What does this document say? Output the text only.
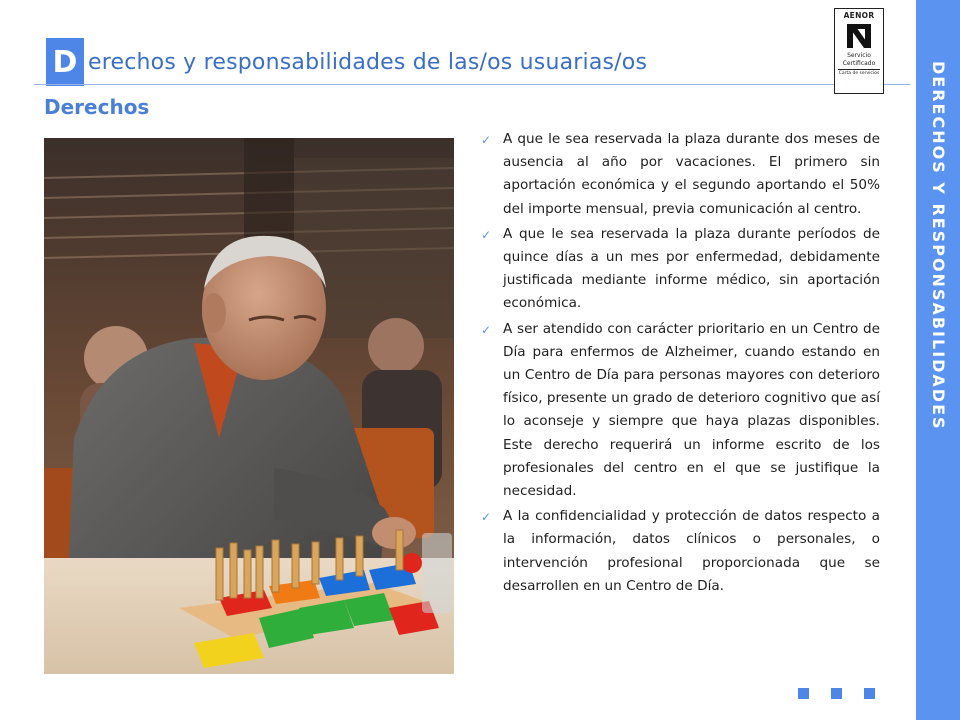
D erechos y responsabilidades de las/os usuarias/os
Derechos
AENOR
Servicio
Certificado
Carta de servicios	DERECHOS Y RESPONSABILIDADES
✓ A que le sea reservada la plaza durante dos meses de ausencia al año por vacaciones. El primero sin aportación económica y el segundo aportando el 50% del importe mensual, previa comunicación al centro.
✓ A que le sea reservada la plaza durante períodos de quince días a un mes por enfermedad, debidamente justificada mediante informe médico, sin aportación económica.
✓ A ser atendido con carácter prioritario en un Centro de Día para enfermos de Alzheimer, cuando estando en un Centro de Día para personas mayores con deterioro físico, presente un grado de deterioro cognitivo que así lo aconseje y siempre que haya plazas disponibles. Este derecho requerirá un informe escrito de los profesionales del centro en el que se justifique la necesidad.
✓ A la confidencialidad y protección de datos respecto a la información, datos clínicos o personales, o intervención profesional proporcionada que se desarrollen en un Centro de Día.
